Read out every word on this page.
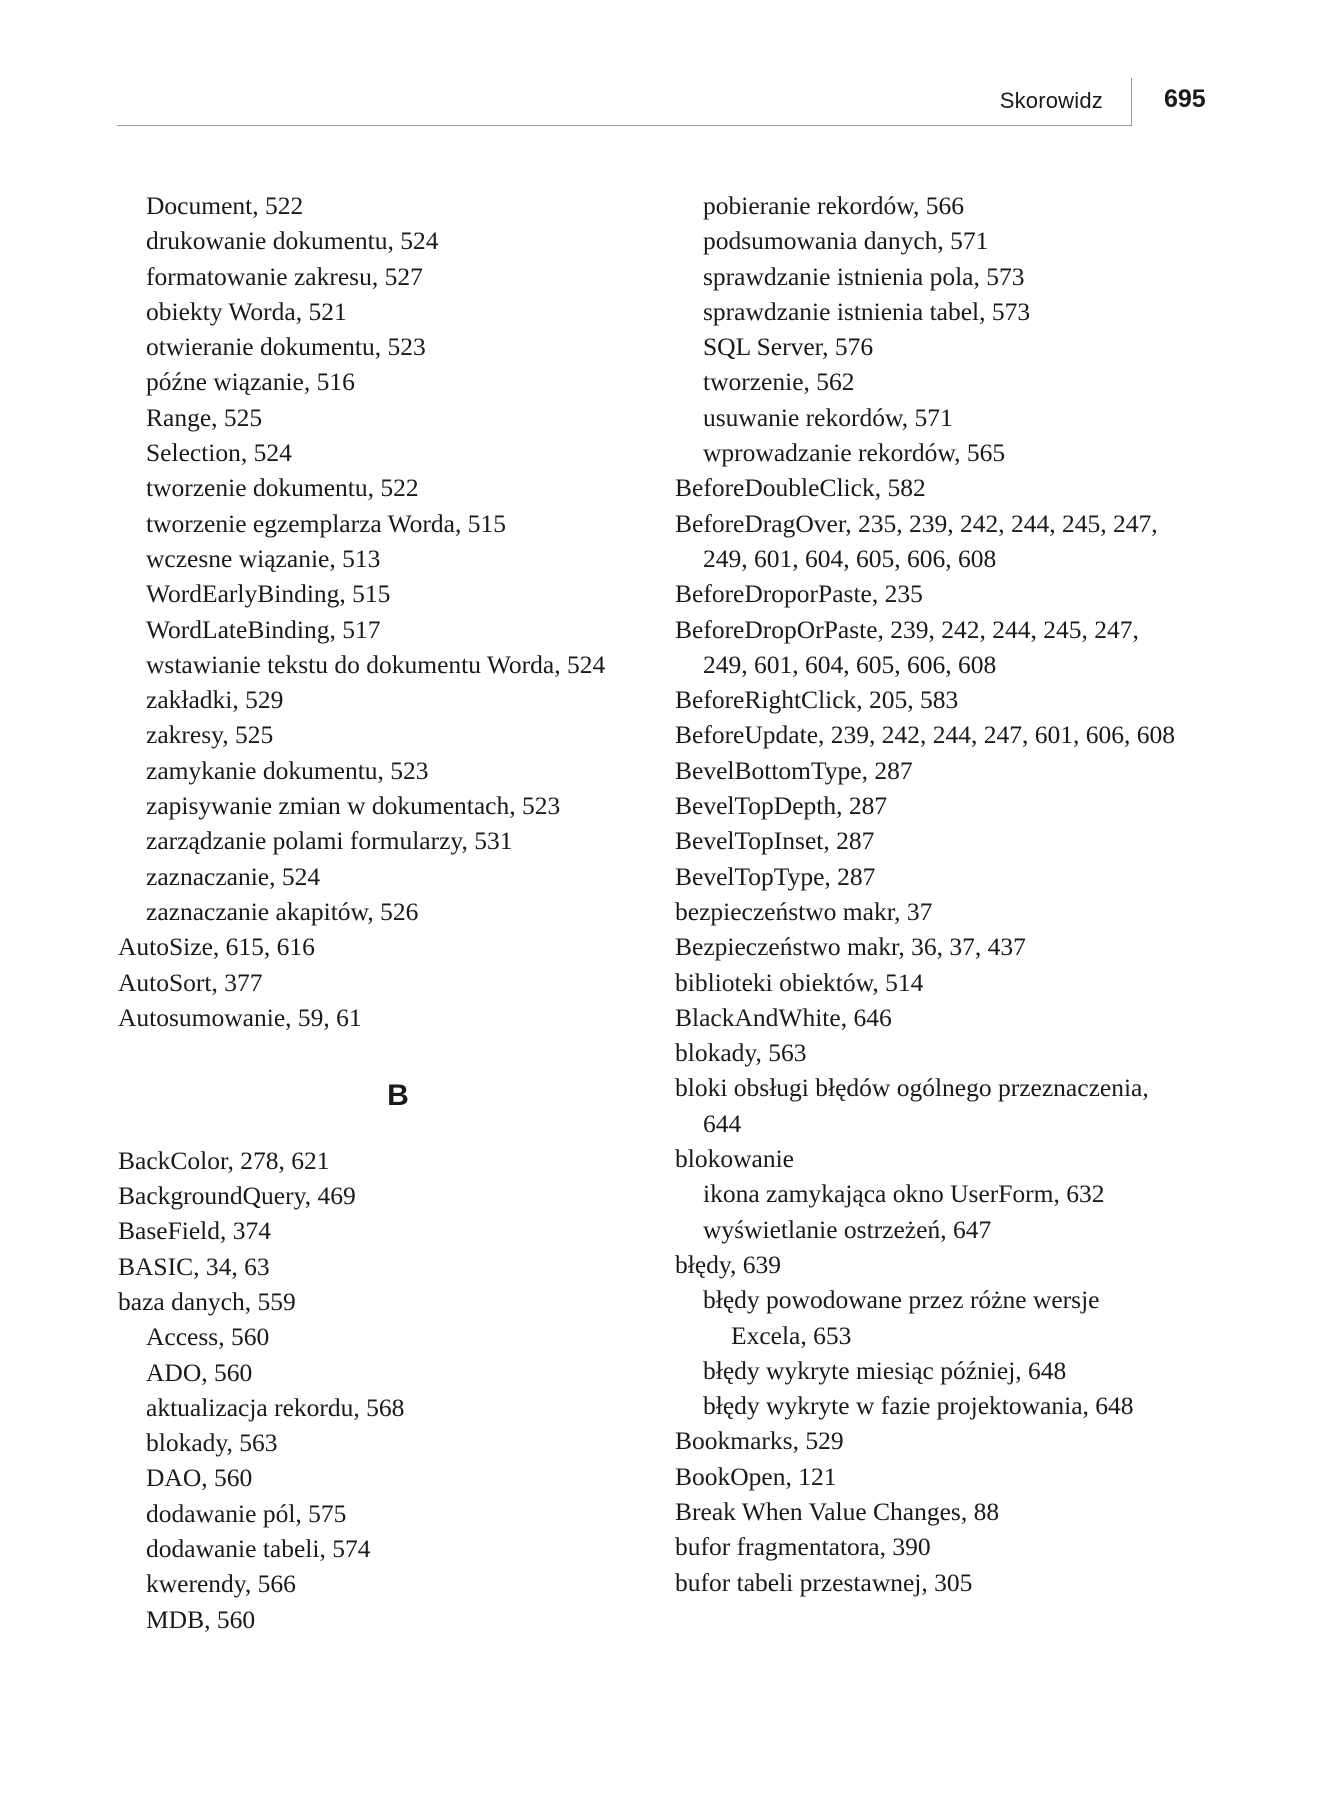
Skorowidz 695
Document, 522
drukowanie dokumentu, 524
formatowanie zakresu, 527
obiekty Worda, 521
otwieranie dokumentu, 523
późne wiązanie, 516
Range, 525
Selection, 524
tworzenie dokumentu, 522
tworzenie egzemplarza Worda, 515
wczesne wiązanie, 513
WordEarlyBinding, 515
WordLateBinding, 517
wstawianie tekstu do dokumentu Worda, 524
zakładki, 529
zakresy, 525
zamykanie dokumentu, 523
zapisywanie zmian w dokumentach, 523
zarządzanie polami formularzy, 531
zaznaczanie, 524
zaznaczanie akapitów, 526
AutoSize, 615, 616
AutoSort, 377
Autosumowanie, 59, 61
B
BackColor, 278, 621
BackgroundQuery, 469
BaseField, 374
BASIC, 34, 63
baza danych, 559
Access, 560
ADO, 560
aktualizacja rekordu, 568
blokady, 563
DAO, 560
dodawanie pól, 575
dodawanie tabeli, 574
kwerendy, 566
MDB, 560
pobieranie rekordów, 566
podsumowania danych, 571
sprawdzanie istnienia pola, 573
sprawdzanie istnienia tabel, 573
SQL Server, 576
tworzenie, 562
usuwanie rekordów, 571
wprowadzanie rekordów, 565
BeforeDoubleClick, 582
BeforeDragOver, 235, 239, 242, 244, 245, 247,
249, 601, 604, 605, 606, 608
BeforeDroporPaste, 235
BeforeDropOrPaste, 239, 242, 244, 245, 247,
249, 601, 604, 605, 606, 608
BeforeRightClick, 205, 583
BeforeUpdate, 239, 242, 244, 247, 601, 606, 608
BevelBottomType, 287
BevelTopDepth, 287
BevelTopInset, 287
BevelTopType, 287
bezpieczeństwo makr, 37
Bezpieczeństwo makr, 36, 37, 437
biblioteki obiektów, 514
BlackAndWhite, 646
blokady, 563
bloki obsługi błędów ogólnego przeznaczenia,
644
blokowanie
ikona zamykająca okno UserForm, 632
wyświetlanie ostrzeżeń, 647
błędy, 639
błędy powodowane przez różne wersje
Excela, 653
błędy wykryte miesiąc później, 648
błędy wykryte w fazie projektowania, 648
Bookmarks, 529
BookOpen, 121
Break When Value Changes, 88
bufor fragmentatora, 390
bufor tabeli przestawnej, 305
